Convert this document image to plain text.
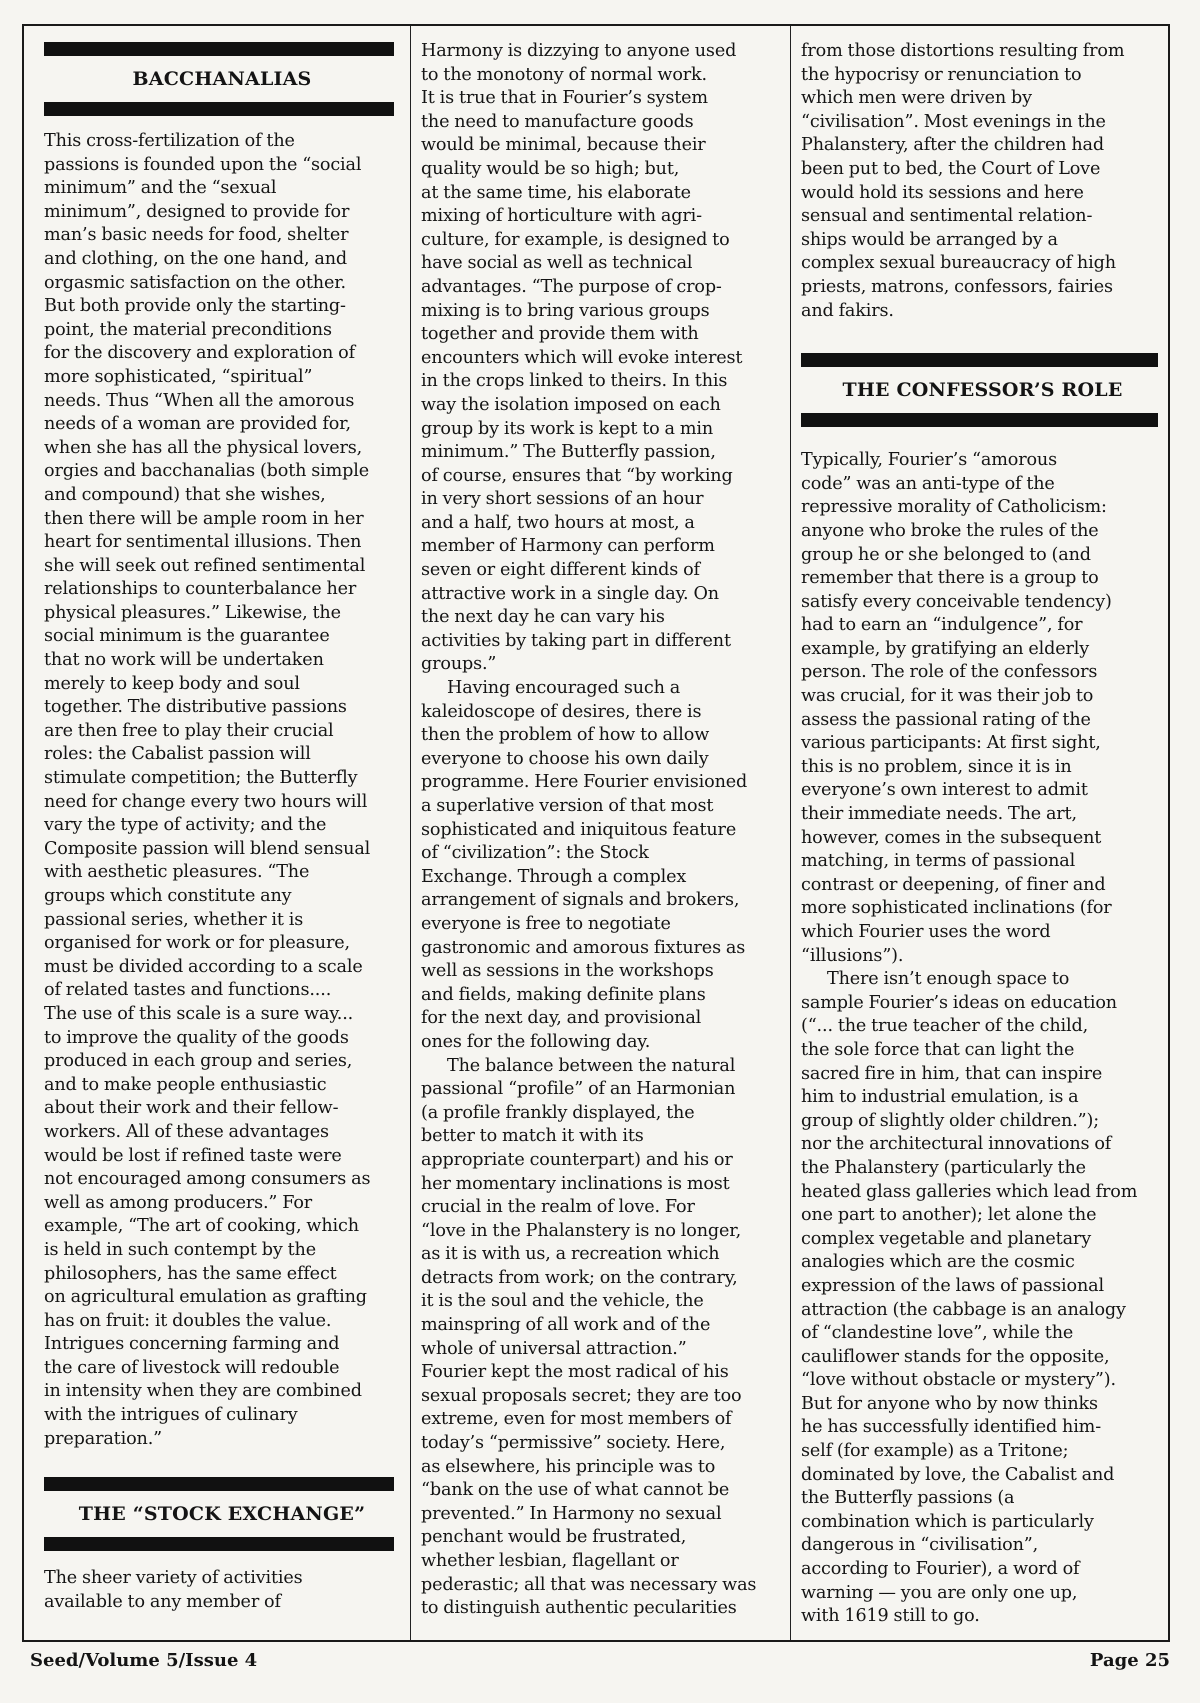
BACCHANALIAS

This cross-fertilization of the
passions is founded upon the “social
minimum” and the “sexual
minimum”, designed to provide for
man’s basic needs for food, shelter
and clothing, on the one hand, and
orgasmic satisfaction on the other.
But both provide only the starting-
point, the material preconditions
for the discovery and exploration of
more sophisticated, “spiritual”
needs. Thus “When all the amorous
needs of a woman are provided for,
when she has all the physical lovers,
orgies and bacchanalias (both simple
and compound) that she wishes,
then there will be ample room in her
heart for sentimental illusions. Then
she will seek out refined sentimental
relationships to counterbalance her
physical pleasures.” Likewise, the
social minimum is the guarantee
that no work will be undertaken
merely to keep body and soul
together. The distributive passions
are then free to play their crucial
roles: the Cabalist passion will
stimulate competition; the Butterfly
need for change every two hours will
vary the type of activity; and the
Composite passion will blend sensual
with aesthetic pleasures. “The
groups which constitute any
passional series, whether it is
organised for work or for pleasure,
must be divided according to a scale
of related tastes and functions....
The use of this scale is a sure way...
to improve the quality of the goods
produced in each group and series,
and to make people enthusiastic
about their work and their fellow-
workers. All of these advantages
would be lost if refined taste were
not encouraged among consumers as
well as among producers.” For
example, “The art of cooking, which
is held in such contempt by the
philosophers, has the same effect
on agricultural emulation as grafting
has on fruit: it doubles the value.
Intrigues concerning farming and
the care of livestock will redouble
in intensity when they are combined
with the intrigues of culinary
preparation.”

THE “STOCK EXCHANGE”

The sheer variety of activities
available to any member of

Harmony is dizzying to anyone used
to the monotony of normal work.
It is true that in Fourier’s system
the need to manufacture goods
would be minimal, because their
quality would be so high; but,
at the same time, his elaborate
mixing of horticulture with agri-
culture, for example, is designed to
have social as well as technical
advantages. “The purpose of crop-
mixing is to bring various groups
together and provide them with
encounters which will evoke interest
in the crops linked to theirs. In this
way the isolation imposed on each
group by its work is kept to a min
minimum.” The Butterfly passion,
of course, ensures that “by working
in very short sessions of an hour
and a half, two hours at most, a
member of Harmony can perform
seven or eight different kinds of
attractive work in a single day. On
the next day he can vary his
activities by taking part in different
groups.”

Having encouraged such a
kaleidoscope of desires, there is
then the problem of how to allow
everyone to choose his own daily
programme. Here Fourier envisioned
a superlative version of that most
sophisticated and iniquitous feature
of “civilization”: the Stock
Exchange. Through a complex
arrangement of signals and brokers,
everyone is free to negotiate
gastronomic and amorous fixtures as
well as sessions in the workshops
and fields, making definite plans
for the next day, and provisional
ones for the following day.

The balance between the natural
passional “profile” of an Harmonian
(a profile frankly displayed, the
better to match it with its
appropriate counterpart) and his or
her momentary inclinations is most
crucial in the realm of love. For
“love in the Phalanstery is no longer,
as it is with us, a recreation which
detracts from work; on the contrary,
it is the soul and the vehicle, the
mainspring of all work and of the
whole of universal attraction.”
Fourier kept the most radical of his
sexual proposals secret; they are too
extreme, even for most members of
today’s “permissive” society. Here,
as elsewhere, his principle was to
“bank on the use of what cannot be
prevented.” In Harmony no sexual
penchant would be frustrated,
whether lesbian, flagellant or
pederastic; all that was necessary was
to distinguish authentic pecularities

from those distortions resulting from
the hypocrisy or renunciation to
which men were driven by
“civilisation”. Most evenings in the
Phalanstery, after the children had
been put to bed, the Court of Love
would hold its sessions and here
sensual and sentimental relation-
ships would be arranged by a
complex sexual bureaucracy of high
priests, matrons, confessors, fairies
and fakirs.

THE CONFESSOR’S ROLE

Typically, Fourier’s “amorous
code” was an anti-type of the
repressive morality of Catholicism:
anyone who broke the rules of the
group he or she belonged to (and
remember that there is a group to
satisfy every conceivable tendency)
had to earn an “indulgence”, for
example, by gratifying an elderly
person. The role of the confessors
was crucial, for it was their job to
assess the passional rating of the
various participants: At first sight,
this is no problem, since it is in
everyone’s own interest to admit
their immediate needs. The art,
however, comes in the subsequent
matching, in terms of passional
contrast or deepening, of finer and
more sophisticated inclinations (for
which Fourier uses the word
“illusions”).

There isn’t enough space to
sample Fourier’s ideas on education
(“... the true teacher of the child,
the sole force that can light the
sacred fire in him, that can inspire
him to industrial emulation, is a
group of slightly older children.”);
nor the architectural innovations of
the Phalanstery (particularly the
heated glass galleries which lead from
one part to another); let alone the
complex vegetable and planetary
analogies which are the cosmic
expression of the laws of passional
attraction (the cabbage is an analogy
of “clandestine love”, while the
cauliflower stands for the opposite,
“love without obstacle or mystery”).
But for anyone who by now thinks
he has successfully identified him-
self (for example) as a Tritone;
dominated by love, the Cabalist and
the Butterfly passions (a
combination which is particularly
dangerous in “civilisation”,
according to Fourier), a word of
warning — you are only one up,
with 1619 still to go.

Seed/Volume 5/Issue 4	Page 25
